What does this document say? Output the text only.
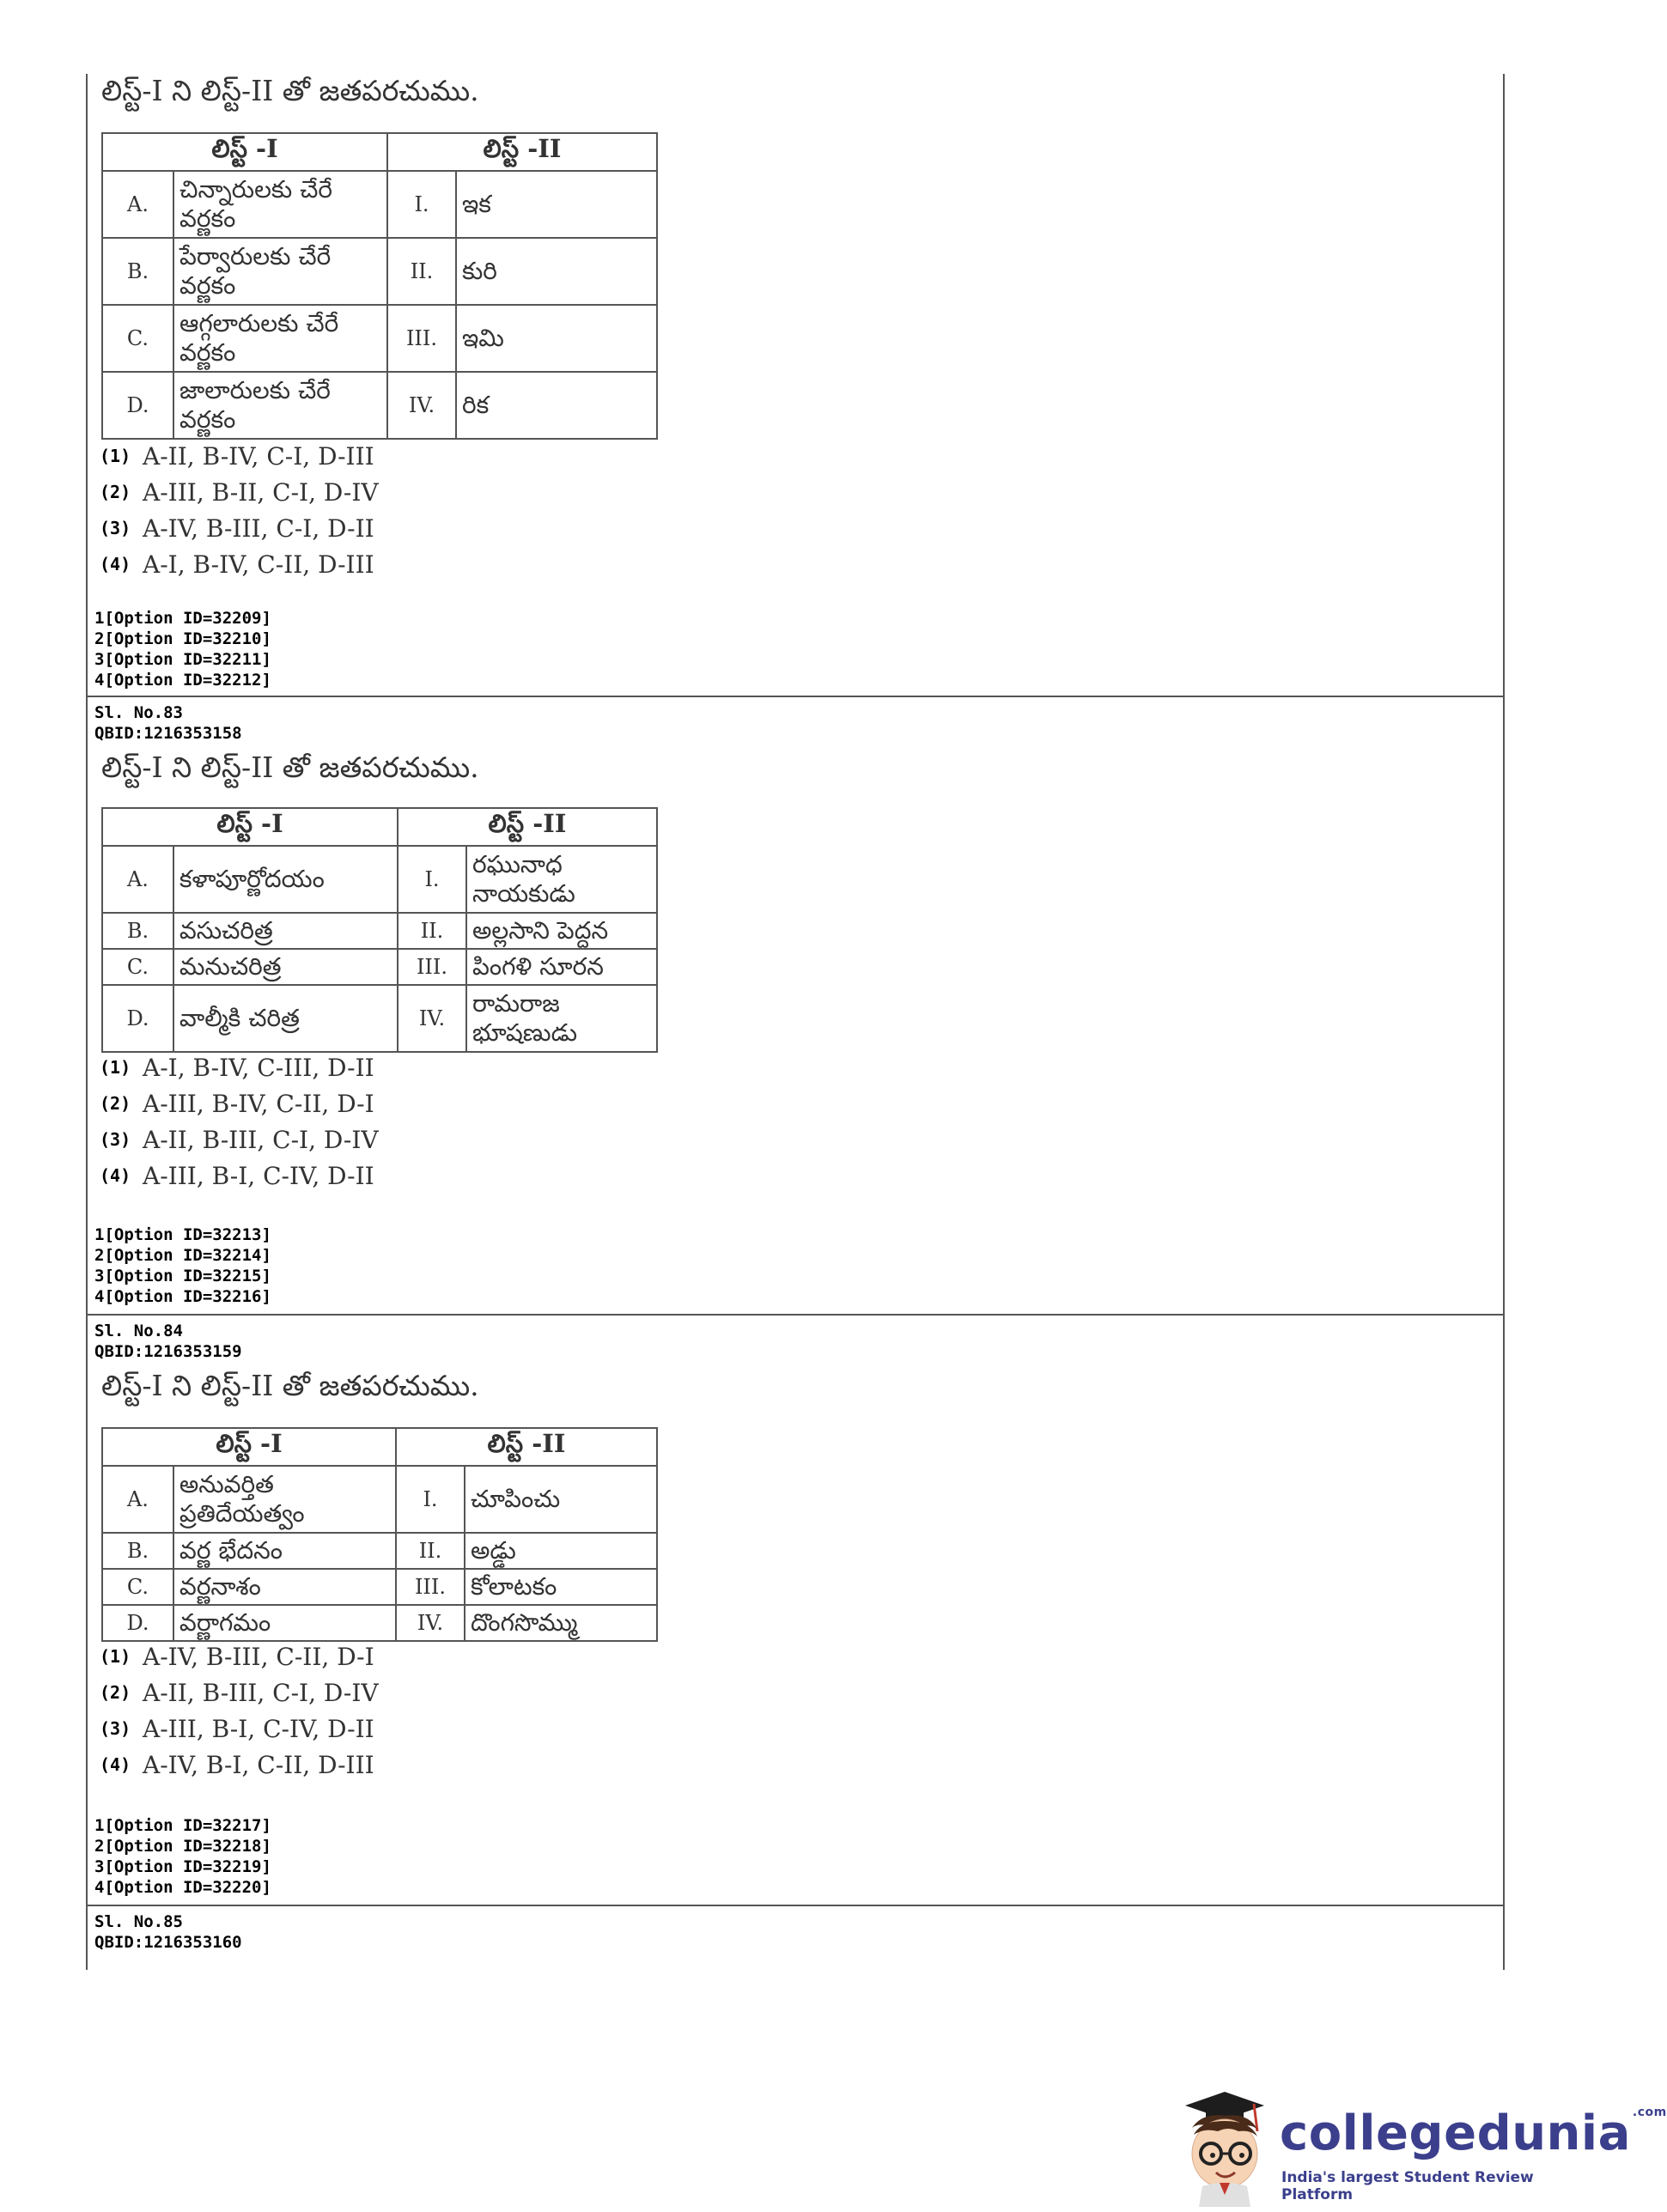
లిస్ట్-I ని లిస్ట్-II తో జతపరచుము.
లిస్ట్ -I		లిస్ట్ -II	
A.	చిన్నారులకు చేరే వర్ణకం	I.	ఇక
B.	పేర్వారులకు చేరే వర్ణకం	II.	కురి
C.	ఆగ్గలారులకు చేరే వర్ణకం	III.	ఇమి
D.	జాలారులకు చేరే వర్ణకం	IV.	రిక
(1) A-II, B-IV, C-I, D-III
(2) A-III, B-II, C-I, D-IV
(3) A-IV, B-III, C-I, D-II
(4) A-I, B-IV, C-II, D-III
1[Option ID=32209]
2[Option ID=32210]
3[Option ID=32211]
4[Option ID=32212]
Sl. No.83
QBID:1216353158
లిస్ట్-I ని లిస్ట్-II తో జతపరచుము.
లిస్ట్ -I		లిస్ట్ -II	
A.	కళాపూర్ణోదయం	I.	రఘునాధ నాయకుడు
B.	వసుచరిత్ర	II.	అల్లసాని పెద్దన
C.	మనుచరిత్ర	III.	పింగళి సూరన
D.	వాల్మీకి చరిత్ర	IV.	రామరాజ భూషణుడు
(1) A-I, B-IV, C-III, D-II
(2) A-III, B-IV, C-II, D-I
(3) A-II, B-III, C-I, D-IV
(4) A-III, B-I, C-IV, D-II
1[Option ID=32213]
2[Option ID=32214]
3[Option ID=32215]
4[Option ID=32216]
Sl. No.84
QBID:1216353159
లిస్ట్-I ని లిస్ట్-II తో జతపరచుము.
లిస్ట్ -I		లిస్ట్ -II	
A.	అనువర్తిత ప్రతిదేయత్వం	I.	చూపించు
B.	వర్ణ భేదనం	II.	అడ్డు
C.	వర్ణనాశం	III.	కోలాటకం
D.	వర్ణాగమం	IV.	దొంగసొమ్ము
(1) A-IV, B-III, C-II, D-I
(2) A-II, B-III, C-I, D-IV
(3) A-III, B-I, C-IV, D-II
(4) A-IV, B-I, C-II, D-III
1[Option ID=32217]
2[Option ID=32218]
3[Option ID=32219]
4[Option ID=32220]
Sl. No.85
QBID:1216353160
collegedunia $^{.com}$
India's largest Student Review Platform
